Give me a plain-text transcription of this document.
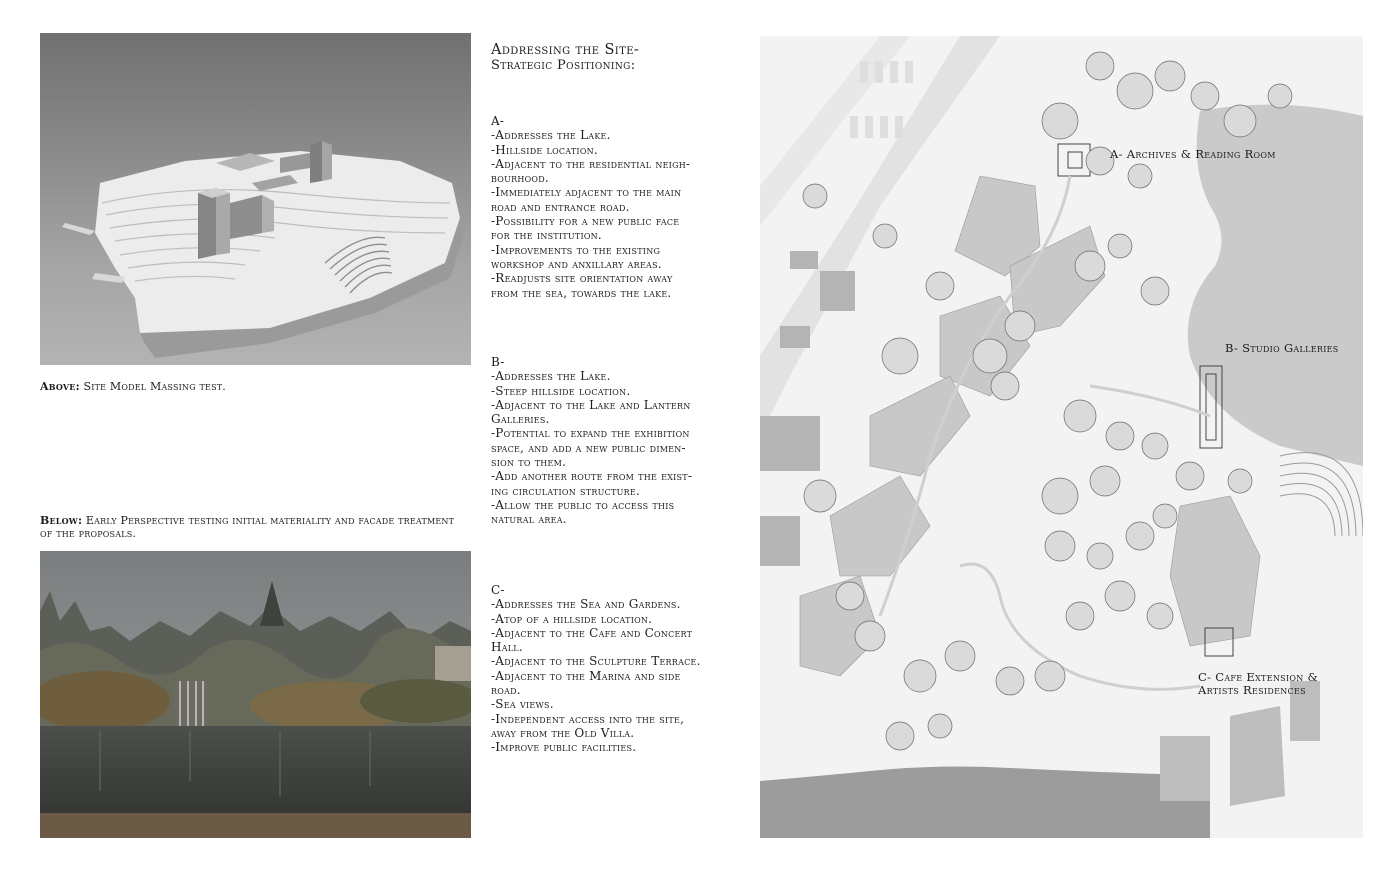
Above: Site Model Massing test.
Below: Early Perspective testing initial materiality and facade treatment of the proposals.
Addressing the Site-
Strategic Positioning:
A-
-Addresses the Lake.
-Hillside location.
-Adjacent to the residential neigh-
bourhood.
-Immediately adjacent to the main
road and entrance road.
-Possibility for a new public face
for the institution.
-Improvements to the existing
workshop and anxillary areas.
-Readjusts site orientation away
from the sea, towards the lake.
B-
-Addresses the Lake.
-Steep hillside location.
-Adjacent to the Lake and Lantern
Galleries.
-Potential to expand the exhibition
space, and add a new public dimen-
sion to them.
-Add another route from the exist-
ing circulation structure.
-Allow the public to access this
natural area.
C-
-Addresses the Sea and Gardens.
-Atop of a hillside location.
-Adjacent to the Cafe and Concert
Hall.
-Adjacent to the Sculpture Terrace.
-Adjacent to the Marina and side
road.
-Sea views.
-Independent access into the site,
away from the Old Villa.
-Improve public facilities.
A- Archives & Reading Room
B- Studio Galleries
C- Cafe Extension &
Artists Residences
